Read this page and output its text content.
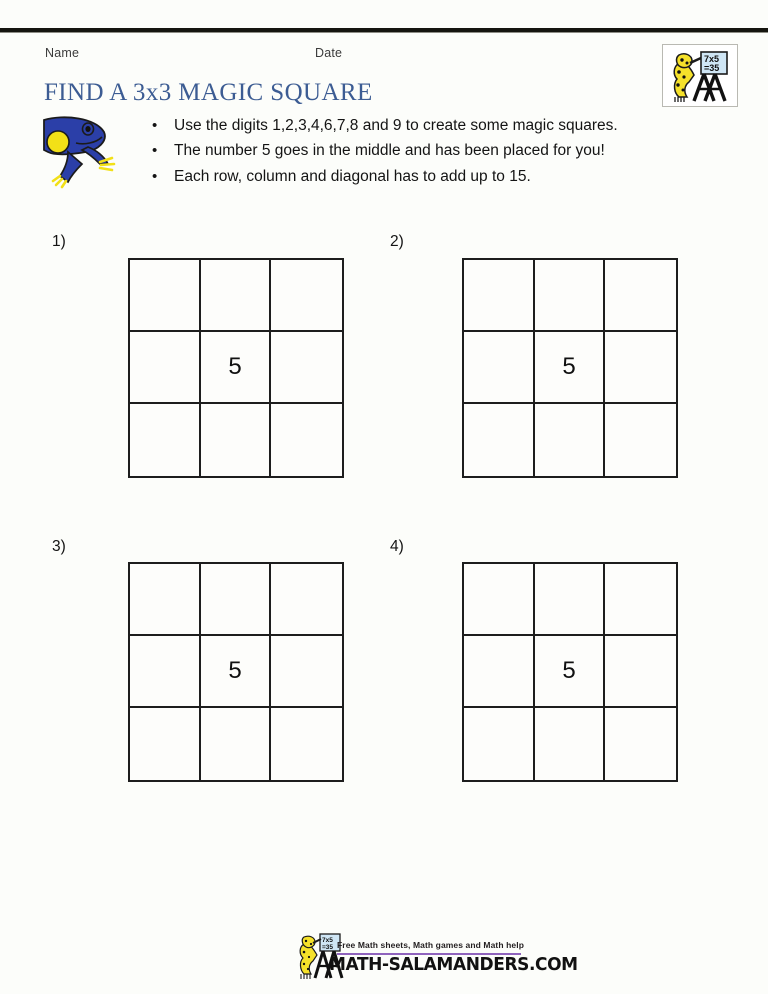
Name	Date	7x5
=35
FIND A 3x3 MAGIC SQUARE
•	Use the digits 1,2,3,4,6,7,8 and 9 to create some magic squares.
•	The number 5 goes in the middle and has been placed for you!
•	Each row, column and diagonal has to add up to 15.
1)
5
2)
5
3)
5
4)
5
7x5
=35 Free Math sheets, Math games and Math help
MATH-SALAMANDERS.COM
